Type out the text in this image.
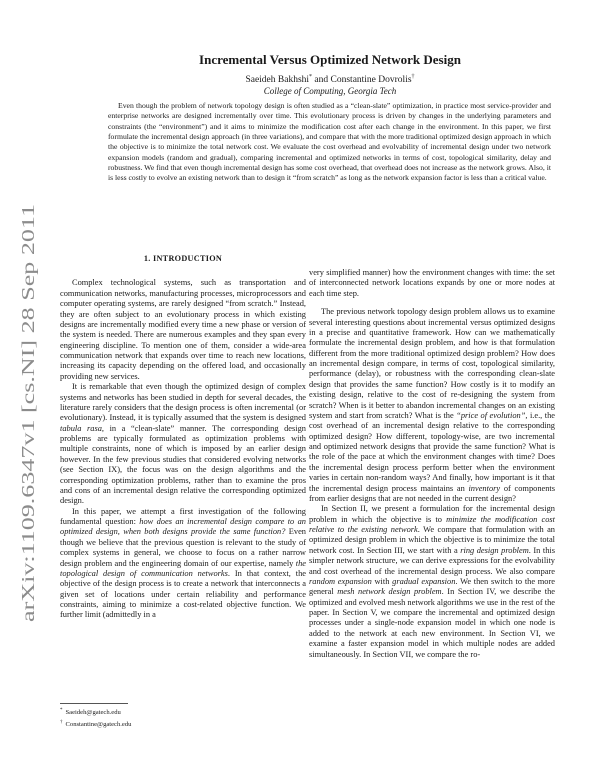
arXiv:1109.6347v1 [cs.NI] 28 Sep 2011
Incremental Versus Optimized Network Design
Saeideh Bakhshi* and Constantine Dovrolis†
College of Computing, Georgia Tech
Even though the problem of network topology design is often studied as a “clean-slate” optimization, in practice most service-provider and enterprise networks are designed incrementally over time. This evolutionary process is driven by changes in the underlying parameters and constraints (the “environment”) and it aims to minimize the modification cost after each change in the environment. In this paper, we first formulate the incremental design approach (in three variations), and compare that with the more traditional optimized design approach in which the objective is to minimize the total network cost. We evaluate the cost overhead and evolvability of incremental design under two network expansion models (random and gradual), comparing incremental and optimized networks in terms of cost, topological similarity, delay and robustness. We find that even though incremental design has some cost overhead, that overhead does not increase as the network grows. Also, it is less costly to evolve an existing network than to design it “from scratch” as long as the network expansion factor is less than a critical value.
1. INTRODUCTION

Complex technological systems, such as transportation and communication networks, manufacturing processes, microprocessors and computer operating systems, are rarely designed “from scratch.” Instead, they are often subject to an evolutionary process in which existing designs are incrementally modified every time a new phase or version of the system is needed. There are numerous examples and they span every engineering discipline. To mention one of them, consider a wide-area communication network that expands over time to reach new locations, increasing its capacity depending on the offered load, and occasionally providing new services.

It is remarkable that even though the optimized design of complex systems and networks has been studied in depth for several decades, the literature rarely considers that the design process is often incremental (or evolutionary). Instead, it is typically assumed that the system is designed tabula rasa, in a “clean-slate” manner. The corresponding design problems are typically formulated as optimization problems with multiple constraints, none of which is imposed by an earlier design however. In the few previous studies that considered evolving networks (see Section IX), the focus was on the design algorithms and the corresponding optimization problems, rather than to examine the pros and cons of an incremental design relative the corresponding optimized design.

In this paper, we attempt a first investigation of the following fundamental question: how does an incremental design compare to an optimized design, when both designs provide the same function? Even though we believe that the previous question is relevant to the study of complex systems in general, we choose to focus on a rather narrow design problem and the engineering domain of our expertise, namely the topological design of communication networks. In that context, the objective of the design process is to create a network that interconnects a given set of locations under certain reliability and performance constraints, aiming to minimize a cost-related objective function. We further limit (admittedly in a

very simplified manner) how the environment changes with time: the set of interconnected network locations expands by one or more nodes at each time step.

The previous network topology design problem allows us to examine several interesting questions about incremental versus optimized designs in a precise and quantitative framework. How can we mathematically formulate the incremental design problem, and how is that formulation different from the more traditional optimized design problem? How does an incremental design compare, in terms of cost, topological similarity, performance (delay), or robustness with the corresponding clean-slate design that provides the same function? How costly is it to modify an existing design, relative to the cost of re-designing the system from scratch? When is it better to abandon incremental changes on an existing system and start from scratch? What is the “price of evolution”, i.e., the cost overhead of an incremental design relative to the corresponding optimized design? How different, topology-wise, are two incremental and optimized network designs that provide the same function? What is the role of the pace at which the environment changes with time? Does the incremental design process perform better when the environment varies in certain non-random ways? And finally, how important is it that the incremental design process maintains an inventory of components from earlier designs that are not needed in the current design?

In Section II, we present a formulation for the incremental design problem in which the objective is to minimize the modification cost relative to the existing network. We compare that formulation with an optimized design problem in which the objective is to minimize the total network cost. In Section III, we start with a ring design problem. In this simpler network structure, we can derive expressions for the evolvability and cost overhead of the incremental design process. We also compare random expansion with gradual expansion. We then switch to the more general mesh network design problem. In Section IV, we describe the optimized and evolved mesh network algorithms we use in the rest of the paper. In Section V, we compare the incremental and optimized design processes under a single-node expansion model in which one node is added to the network at each new environment. In Section VI, we examine a faster expansion model in which multiple nodes are added simultaneously. In Section VII, we compare the ro-

* Saeideh@gatech.edu
† Constantine@gatech.edu
